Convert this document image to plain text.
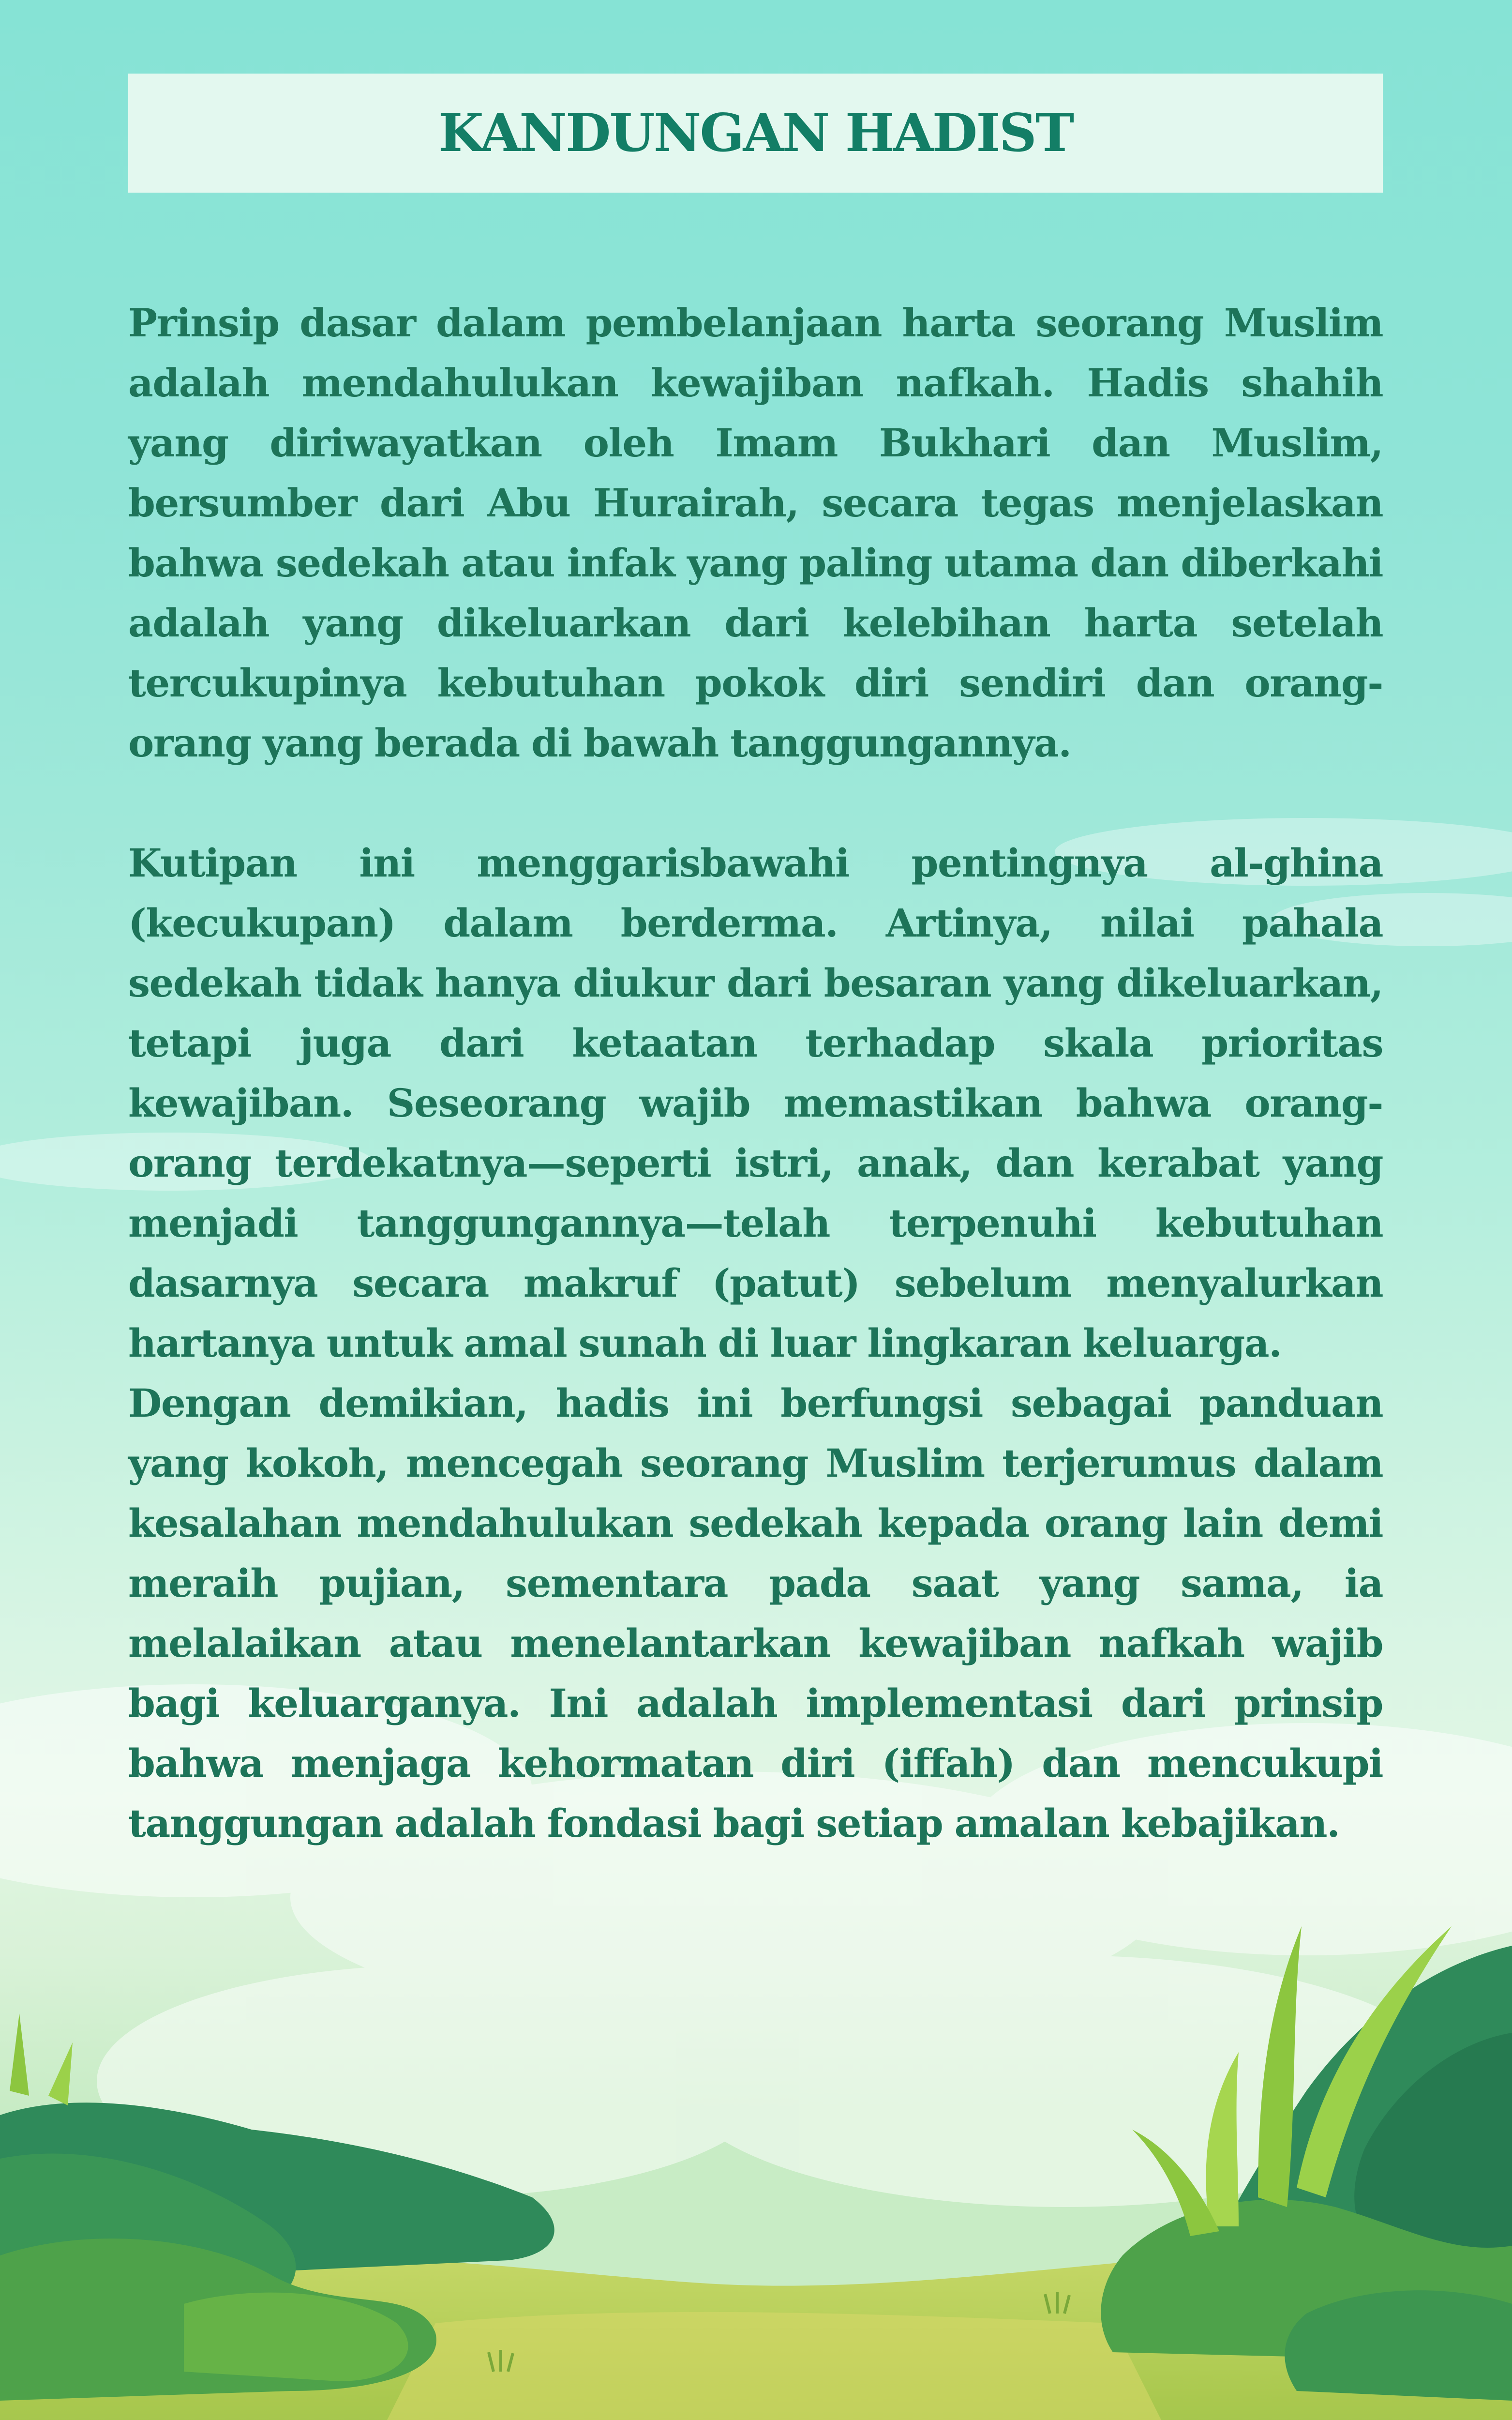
KANDUNGAN HADIST

Prinsip dasar dalam pembelanjaan harta seorang Muslim adalah mendahulukan kewajiban nafkah. Hadis shahih yang diriwayatkan oleh Imam Bukhari dan Muslim, bersumber dari Abu Hurairah, secara tegas menjelaskan bahwa sedekah atau infak yang paling utama dan diberkahi adalah yang dikeluarkan dari kelebihan harta setelah tercukupinya kebutuhan pokok diri sendiri dan orang-orang yang berada di bawah tanggungannya.

Kutipan ini menggarisbawahi pentingnya al-ghina (kecukupan) dalam berderma. Artinya, nilai pahala sedekah tidak hanya diukur dari besaran yang dikeluarkan, tetapi juga dari ketaatan terhadap skala prioritas kewajiban. Seseorang wajib memastikan bahwa orang-orang terdekatnya—seperti istri, anak, dan kerabat yang menjadi tanggungannya—telah terpenuhi kebutuhan dasarnya secara makruf (patut) sebelum menyalurkan hartanya untuk amal sunah di luar lingkaran keluarga.

Dengan demikian, hadis ini berfungsi sebagai panduan yang kokoh, mencegah seorang Muslim terjerumus dalam kesalahan mendahulukan sedekah kepada orang lain demi meraih pujian, sementara pada saat yang sama, ia melalaikan atau menelantarkan kewajiban nafkah wajib bagi keluarganya. Ini adalah implementasi dari prinsip bahwa menjaga kehormatan diri (iffah) dan mencukupi tanggungan adalah fondasi bagi setiap amalan kebajikan.
